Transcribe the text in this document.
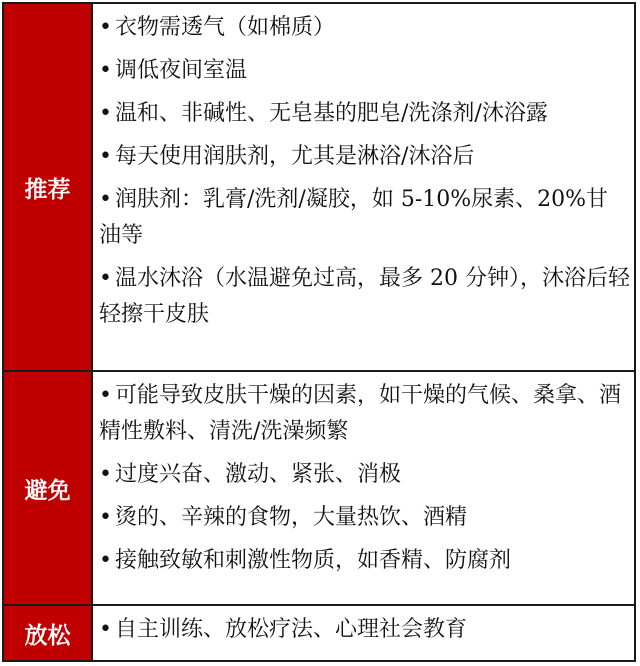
推荐
• 衣物需透气（如棉质）
• 调低夜间室温
• 温和、非碱性、无皂基的肥皂/洗涤剂/沐浴露
• 每天使用润肤剂，尤其是淋浴/沐浴后
• 润肤剂：乳膏/洗剂/凝胶，如 5-10%尿素、20%甘油等
• 温水沐浴（水温避免过高，最多 20 分钟），沐浴后轻轻擦干皮肤
避免
• 可能导致皮肤干燥的因素，如干燥的气候、桑拿、酒精性敷料、清洗/洗澡频繁
• 过度兴奋、激动、紧张、消极
• 烫的、辛辣的食物，大量热饮、酒精
• 接触致敏和刺激性物质，如香精、防腐剂
放松	• 自主训练、放松疗法、心理社会教育
